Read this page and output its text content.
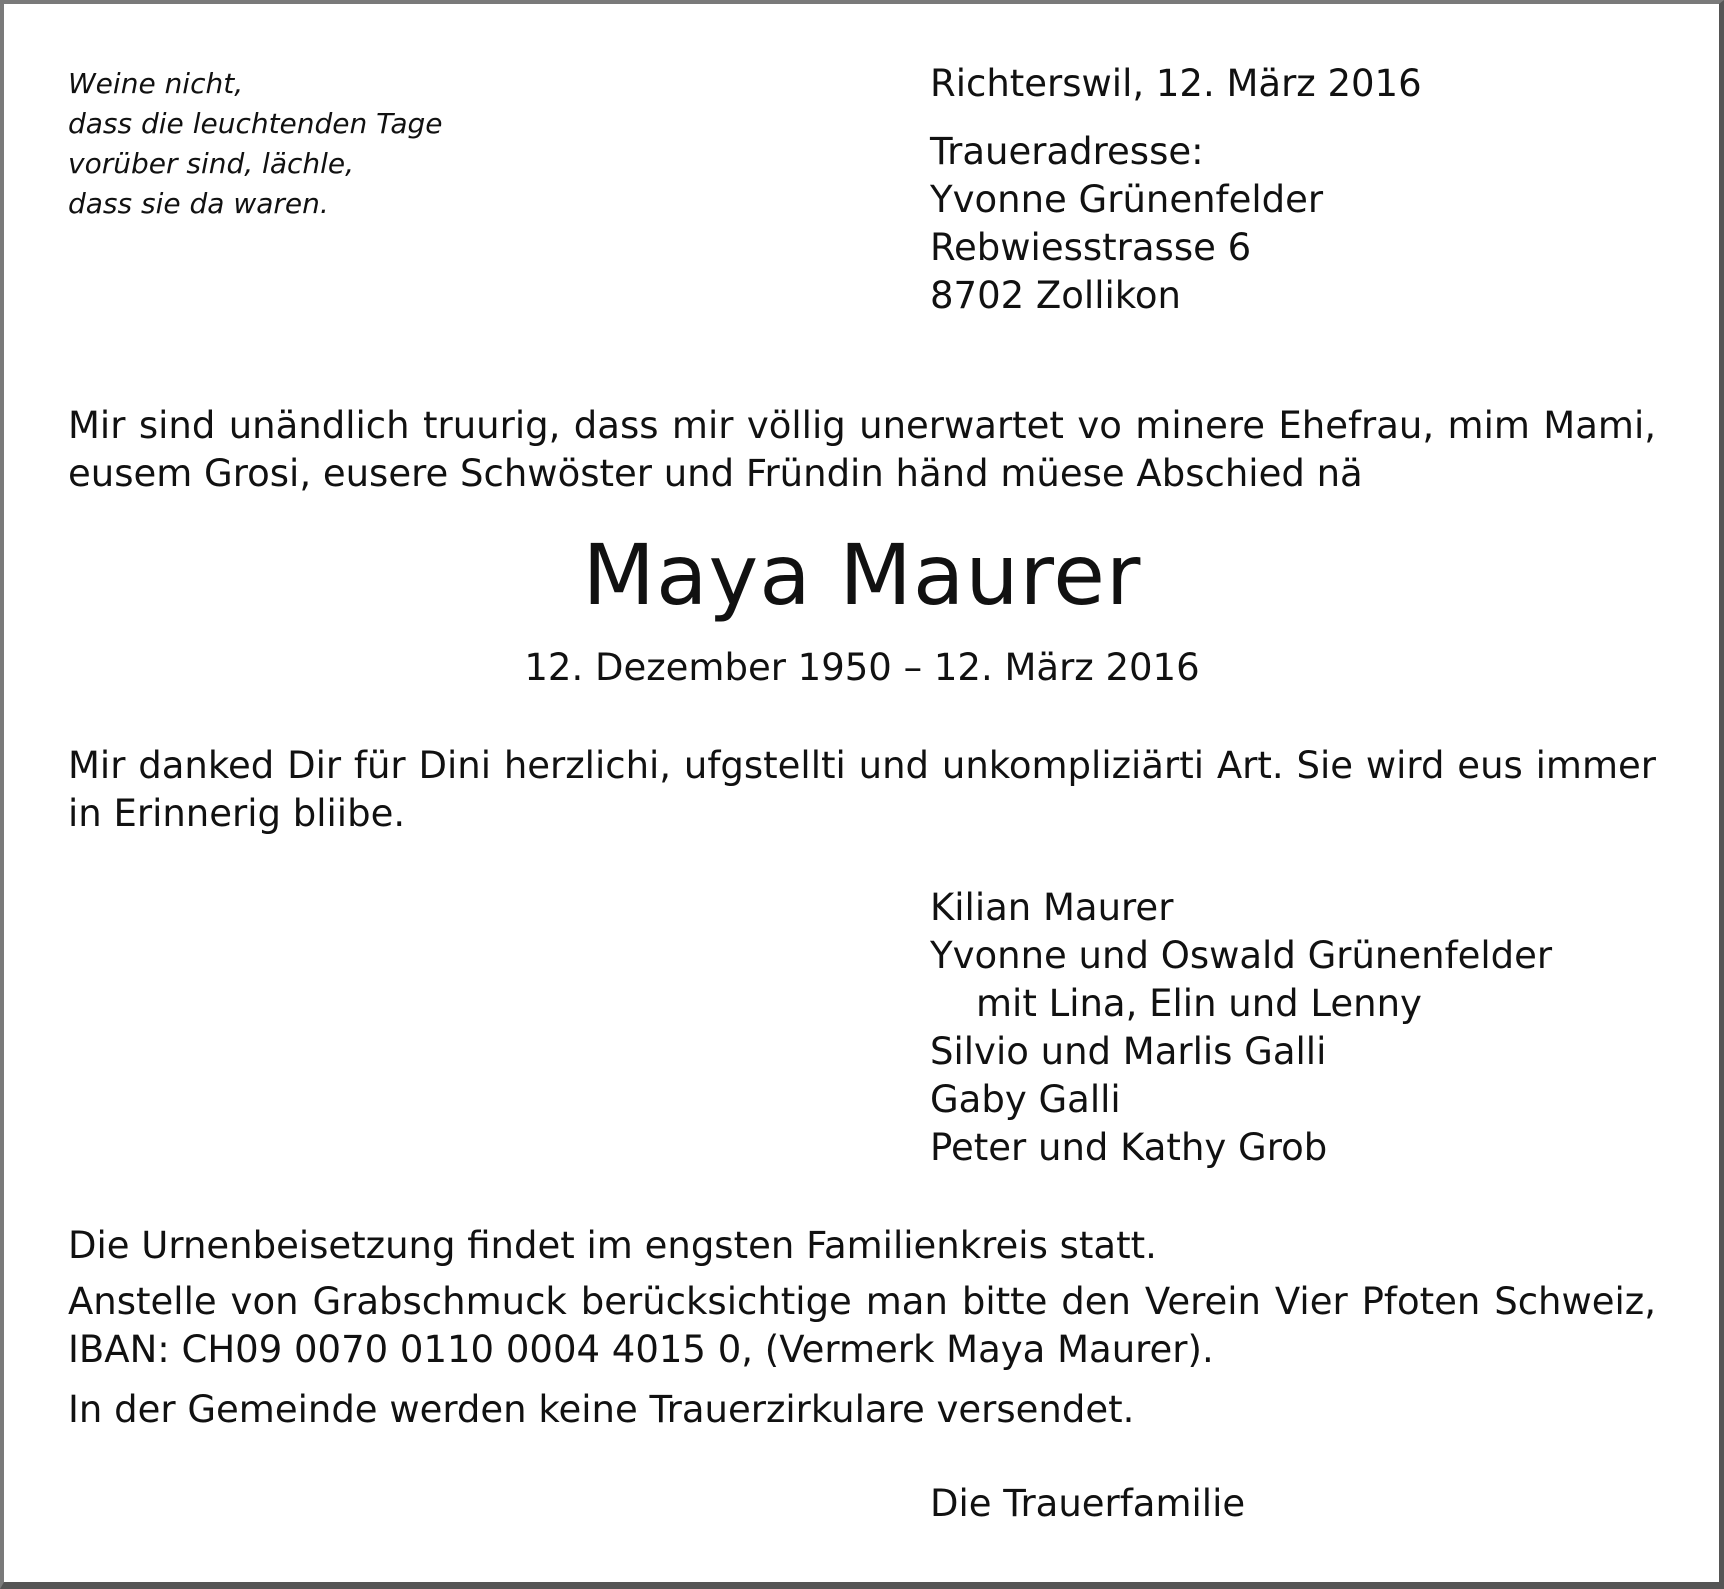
Weine nicht,
dass die leuchtenden Tage
vorüber sind, lächle,
dass sie da waren.
Richterswil, 12. März 2016
Traueradresse:
Yvonne Grünenfelder
Rebwiesstrasse 6
8702 Zollikon
Mir sind unändlich truurig, dass mir völlig unerwartet vo minere Ehefrau, mim Mami,
eusem Grosi, eusere Schwöster und Fründin händ müese Abschied nä
Maya Maurer
12. Dezember 1950 – 12. März 2016
Mir danked Dir für Dini herzlichi, ufgstellti und unkompliziärti Art. Sie wird eus immer
in Erinnerig bliibe.
Kilian Maurer
Yvonne und Oswald Grünenfelder
mit Lina, Elin und Lenny
Silvio und Marlis Galli
Gaby Galli
Peter und Kathy Grob
Die Urnenbeisetzung findet im engsten Familienkreis statt.
Anstelle von Grabschmuck berücksichtige man bitte den Verein Vier Pfoten Schweiz,
IBAN: CH09 0070 0110 0004 4015 0, (Vermerk Maya Maurer).
In der Gemeinde werden keine Trauerzirkulare versendet.
Die Trauerfamilie
